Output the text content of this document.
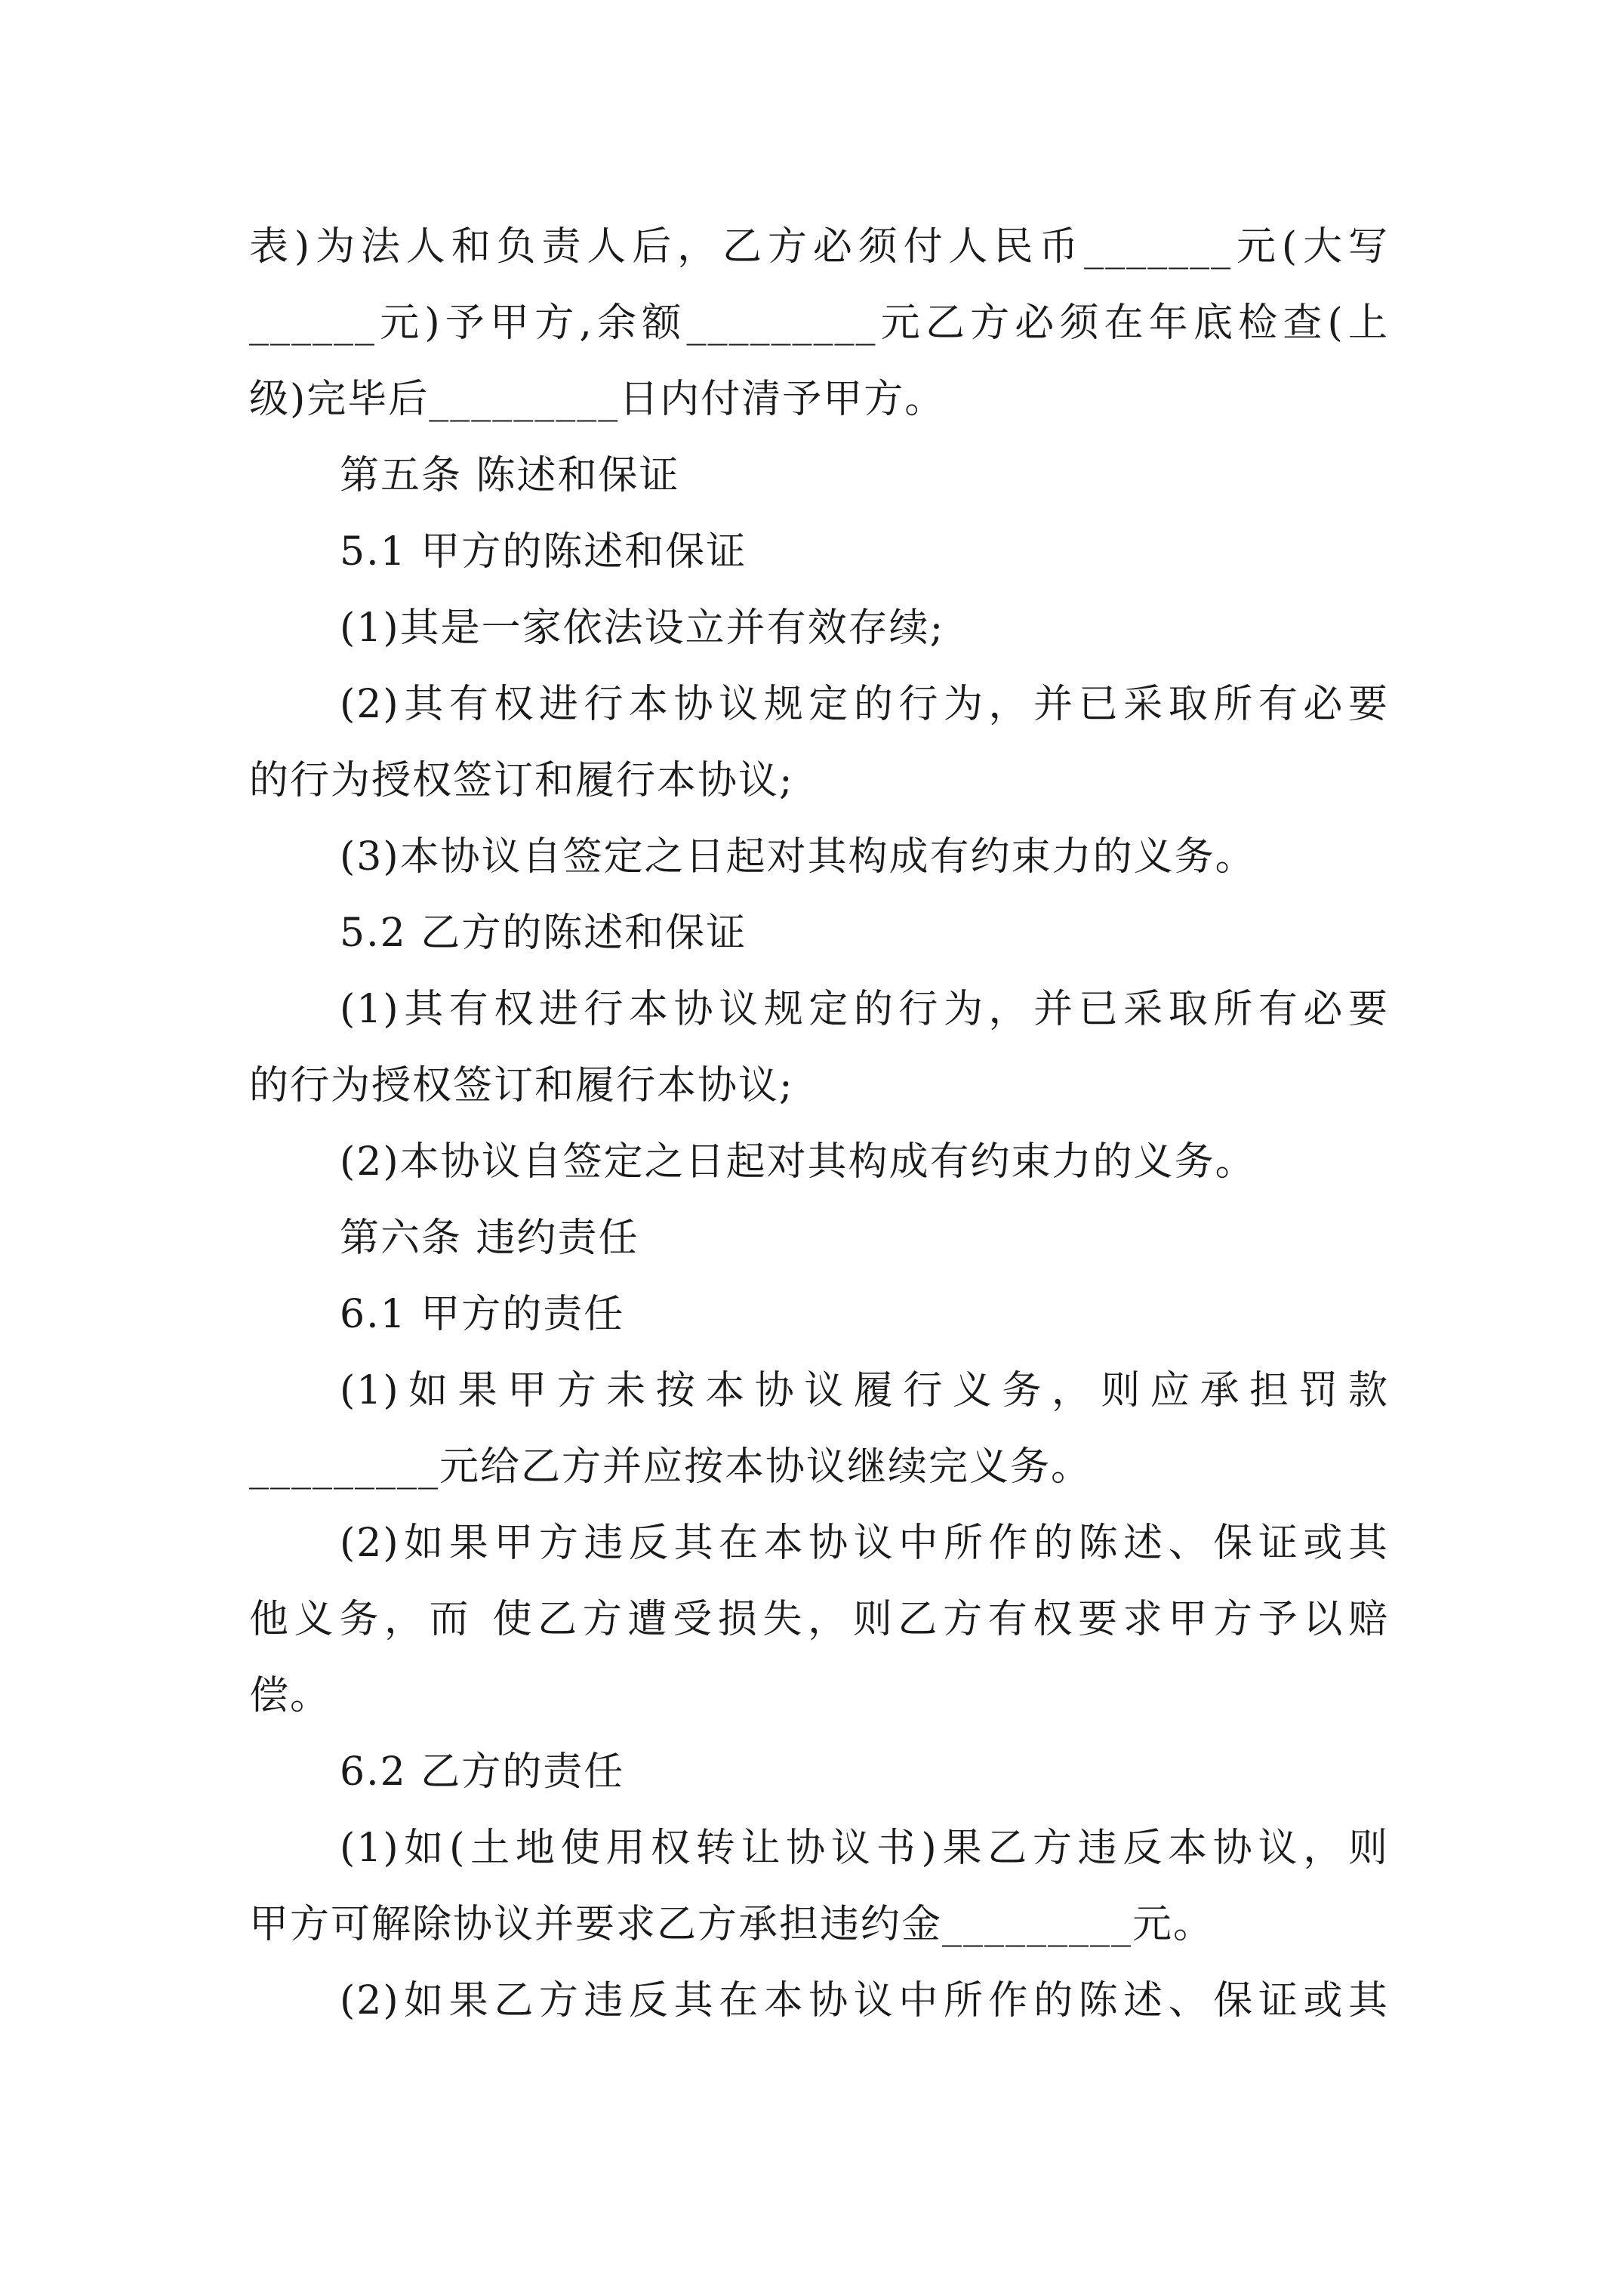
表)为法人和负责人后，乙方必须付人民币_______元(大写
______元)予甲方,余额_________元乙方必须在年底检查(上
级)完毕后_________日内付清予甲方。
第五条 陈述和保证
5.1 甲方的陈述和保证
(1)其是一家依法设立并有效存续;
(2)其有权进行本协议规定的行为，并已采取所有必要
的行为授权签订和履行本协议;
(3)本协议自签定之日起对其构成有约束力的义务。
5.2 乙方的陈述和保证
(1)其有权进行本协议规定的行为，并已采取所有必要
的行为授权签订和履行本协议;
(2)本协议自签定之日起对其构成有约束力的义务。
第六条 违约责任
6.1 甲方的责任
(1)如果甲方未按本协议履行义务，则应承担罚款
_________元给乙方并应按本协议继续完义务。
(2)如果甲方违反其在本协议中所作的陈述、保证或其
他义务，而 使乙方遭受损失，则乙方有权要求甲方予以赔
偿。
6.2 乙方的责任
(1)如(土地使用权转让协议书)果乙方违反本协议，则
甲方可解除协议并要求乙方承担违约金_________元。
(2)如果乙方违反其在本协议中所作的陈述、保证或其
